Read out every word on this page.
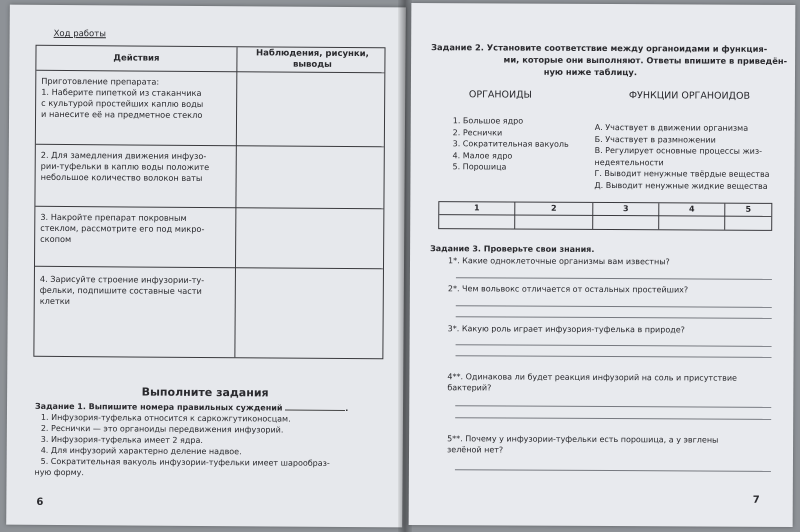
Ход работы
Действия	Наблюдения, рисунки, выводы
Приготовление препарата:
1. Наберите пипеткой из стаканчика
с культурой простейших каплю воды
и нанесите её на предметное стекло
2. Для замедления движения инфузо-
рии-туфельки в каплю воды положите
небольшое количество волокон ваты
3. Накройте препарат покровным
стеклом, рассмотрите его под микро-
скопом
4. Зарисуйте строение инфузории-ту-
фельки, подпишите составные части
клетки
Выполните задания
Задание 1. Выпишите номера правильных суждений	.
1. Инфузория-туфелька относится к саркожгутиконосцам.
2. Реснички — это органоиды передвижения инфузорий.
3. Инфузория-туфелька имеет 2 ядра.
4. Для инфузорий характерно деление надвое.
5. Сократительная вакуоль инфузории-туфельки имеет шарообраз-
ную форму.
6
Задание 2. Установите соответствие между органоидами и функция-
ми, которые они выполняют. Ответы впишите в приведён-
ную ниже таблицу.
ОРГАНОИДЫ	ФУНКЦИИ ОРГАНОИДОВ
1. Большое ядро
2. Реснички
3. Сократительная вакуоль
4. Малое ядро
5. Порошица
А. Участвует в движении организма
Б. Участвует в размножении
В. Регулирует основные процессы жиз-
недеятельности
Г. Выводит ненужные твёрдые вещества
Д. Выводит ненужные жидкие вещества
1	2	3	4	5
Задание 3. Проверьте свои знания.
1*. Какие одноклеточные организмы вам известны?
2*. Чем вольвокс отличается от остальных простейших?
3*. Какую роль играет инфузория-туфелька в природе?
4**. Одинакова ли будет реакция инфузорий на соль и присутствие
бактерий?
5**. Почему у инфузории-туфельки есть порошица, а у эвглены
зелёной нет?
7
